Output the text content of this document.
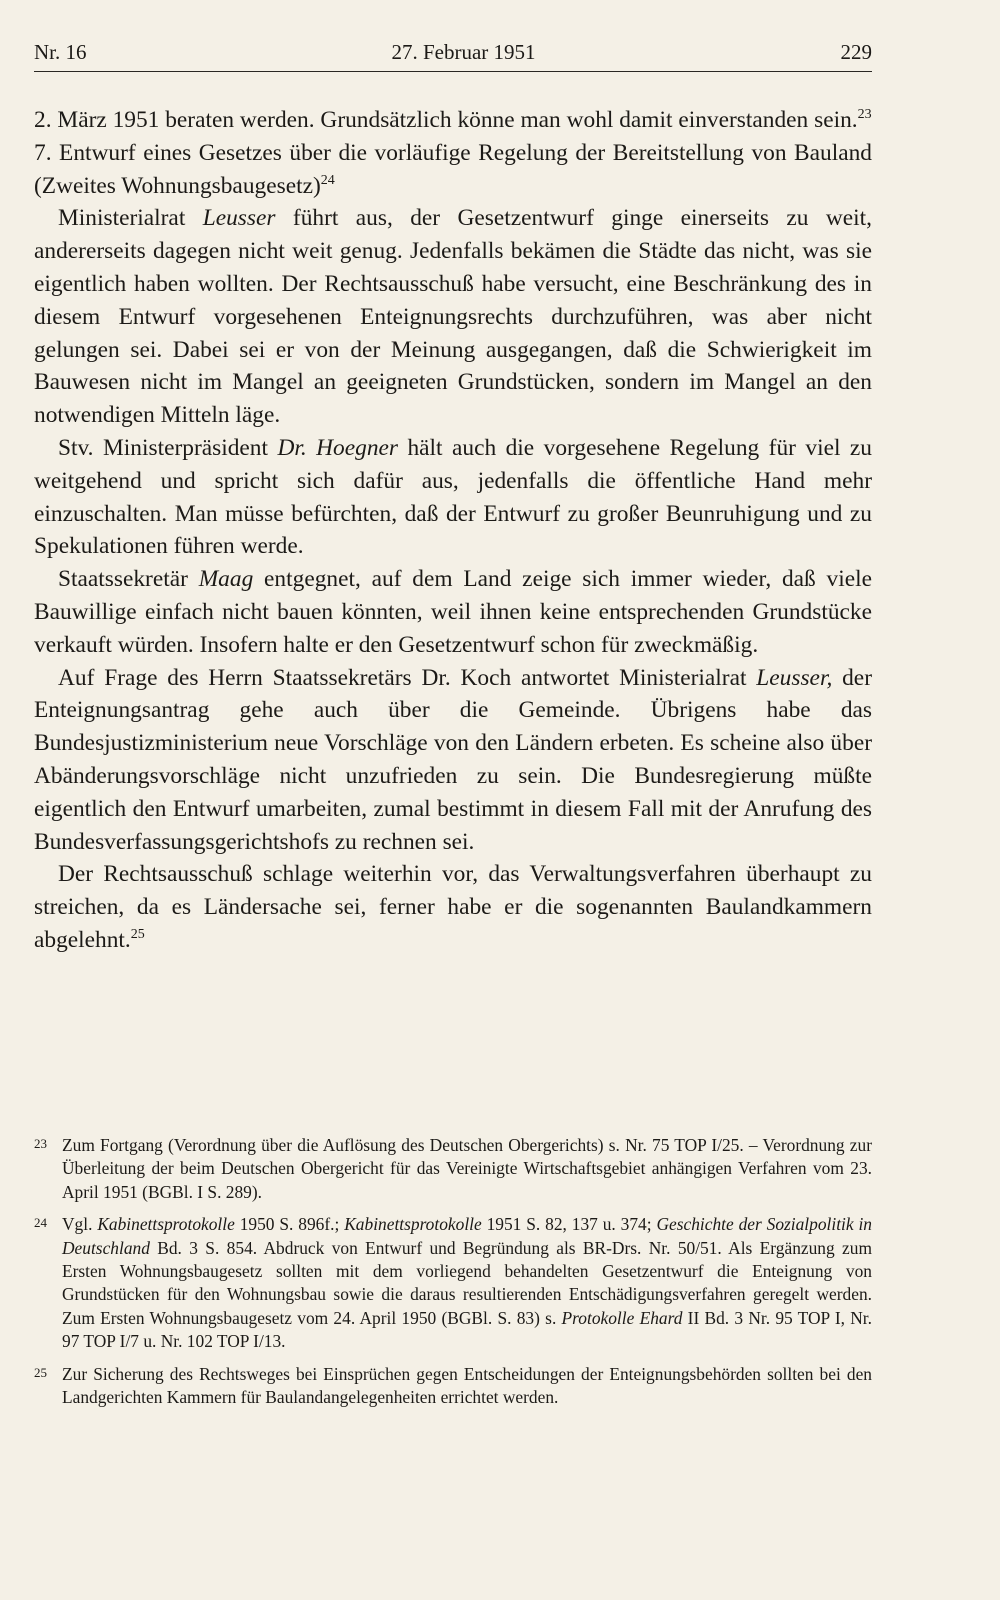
Nr. 16	27. Februar 1951	229

2. März 1951 beraten werden. Grundsätzlich könne man wohl damit einverstanden sein.$^{23}$

7. Entwurf eines Gesetzes über die vorläufige Regelung der Bereitstellung von Bauland (Zweites Wohnungsbaugesetz)$^{24}$

Ministerialrat Leusser führt aus, der Gesetzentwurf ginge einerseits zu weit, andererseits dagegen nicht weit genug. Jedenfalls bekämen die Städte das nicht, was sie eigentlich haben wollten. Der Rechtsausschuß habe versucht, eine Beschränkung des in diesem Entwurf vorgesehenen Enteignungsrechts durchzuführen, was aber nicht gelungen sei. Dabei sei er von der Meinung ausgegangen, daß die Schwierigkeit im Bauwesen nicht im Mangel an geeigneten Grundstücken, sondern im Mangel an den notwendigen Mitteln läge.

Stv. Ministerpräsident Dr. Hoegner hält auch die vorgesehene Regelung für viel zu weitgehend und spricht sich dafür aus, jedenfalls die öffentliche Hand mehr einzuschalten. Man müsse befürchten, daß der Entwurf zu großer Beunruhigung und zu Spekulationen führen werde.

Staatssekretär Maag entgegnet, auf dem Land zeige sich immer wieder, daß viele Bauwillige einfach nicht bauen könnten, weil ihnen keine entsprechenden Grundstücke verkauft würden. Insofern halte er den Gesetzentwurf schon für zweckmäßig.

Auf Frage des Herrn Staatssekretärs Dr. Koch antwortet Ministerialrat Leusser, der Enteignungsantrag gehe auch über die Gemeinde. Übrigens habe das Bundesjustizministerium neue Vorschläge von den Ländern erbeten. Es scheine also über Abänderungsvorschläge nicht unzufrieden zu sein. Die Bundesregierung müßte eigentlich den Entwurf umarbeiten, zumal bestimmt in diesem Fall mit der Anrufung des Bundesverfassungsgerichtshofs zu rechnen sei.

Der Rechtsausschuß schlage weiterhin vor, das Verwaltungsverfahren überhaupt zu streichen, da es Ländersache sei, ferner habe er die sogenannten Baulandkammern abgelehnt.$^{25}$

23 Zum Fortgang (Verordnung über die Auflösung des Deutschen Obergerichts) s. Nr. 75 TOP I/25. – Verordnung zur Überleitung der beim Deutschen Obergericht für das Vereinigte Wirtschaftsgebiet anhängigen Verfahren vom 23. April 1951 (BGBl. I S. 289).
24 Vgl. Kabinettsprotokolle 1950 S. 896f.; Kabinettsprotokolle 1951 S. 82, 137 u. 374; Geschichte der Sozialpolitik in Deutschland Bd. 3 S. 854. Abdruck von Entwurf und Begründung als BR-Drs. Nr. 50/51. Als Ergänzung zum Ersten Wohnungsbaugesetz sollten mit dem vorliegend behandelten Gesetzentwurf die Enteignung von Grundstücken für den Wohnungsbau sowie die daraus resultierenden Entschädigungsverfahren geregelt werden. Zum Ersten Wohnungsbaugesetz vom 24. April 1950 (BGBl. S. 83) s. Protokolle Ehard II Bd. 3 Nr. 95 TOP I, Nr. 97 TOP I/7 u. Nr. 102 TOP I/13.
25 Zur Sicherung des Rechtsweges bei Einsprüchen gegen Entscheidungen der Enteignungsbehörden sollten bei den Landgerichten Kammern für Baulandangelegenheiten errichtet werden.
